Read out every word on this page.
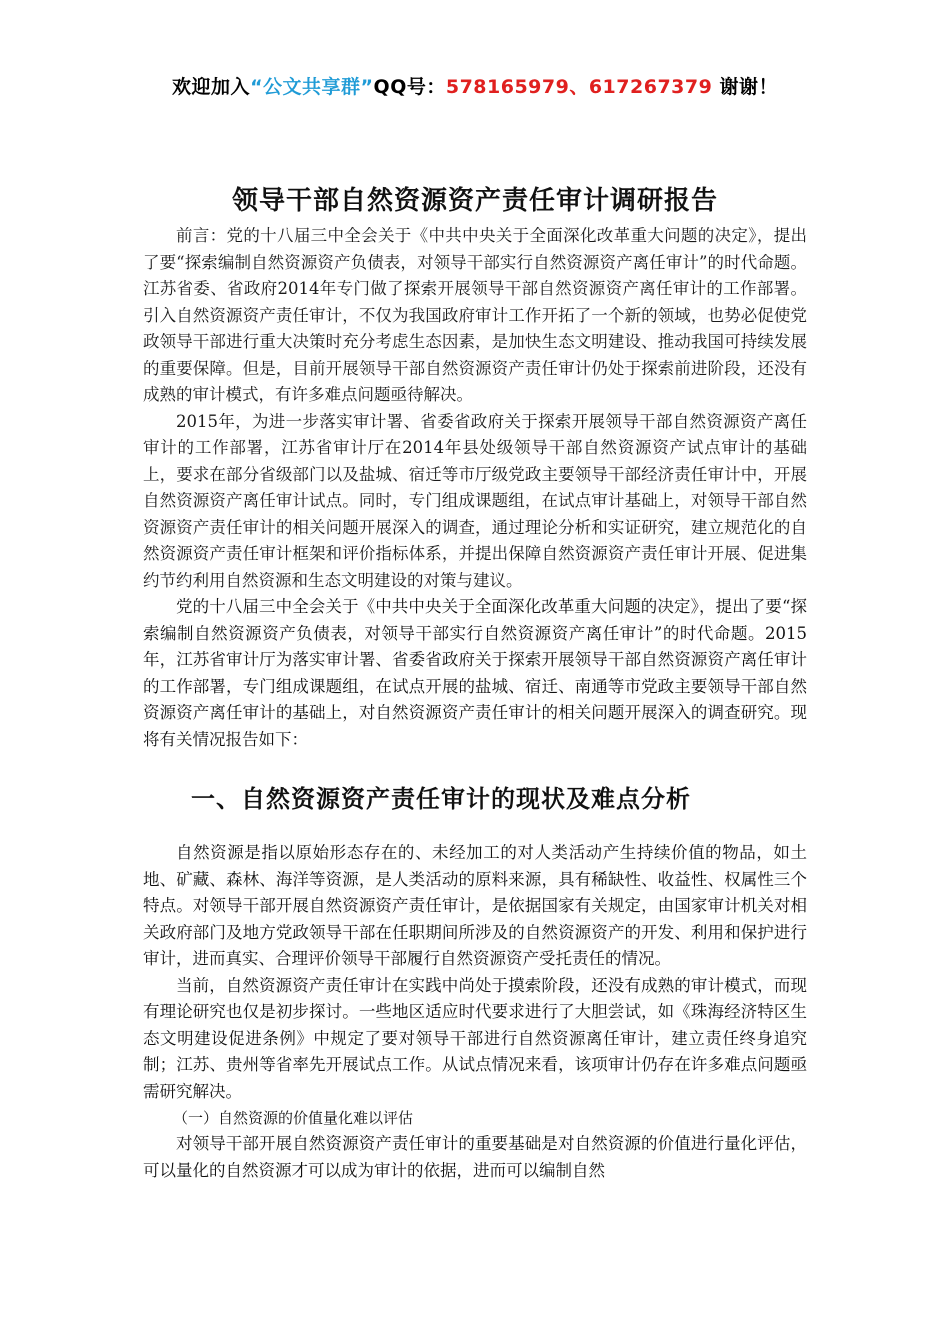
欢迎加入“公文共享群”QQ号：578165979、617267379 谢谢！
领导干部自然资源资产责任审计调研报告

前言：党的十八届三中全会关于《中共中央关于全面深化改革重大问题的决定》，提出了要“探索编制自然资源资产负债表，对领导干部实行自然资源资产离任审计”的时代命题。江苏省委、省政府2014年专门做了探索开展领导干部自然资源资产离任审计的工作部署。引入自然资源资产责任审计，不仅为我国政府审计工作开拓了一个新的领域，也势必促使党政领导干部进行重大决策时充分考虑生态因素，是加快生态文明建设、推动我国可持续发展的重要保障。但是，目前开展领导干部自然资源资产责任审计仍处于探索前进阶段，还没有成熟的审计模式，有许多难点问题亟待解决。

2015年，为进一步落实审计署、省委省政府关于探索开展领导干部自然资源资产离任审计的工作部署，江苏省审计厅在2014年县处级领导干部自然资源资产试点审计的基础上，要求在部分省级部门以及盐城、宿迁等市厅级党政主要领导干部经济责任审计中，开展自然资源资产离任审计试点。同时，专门组成课题组，在试点审计基础上，对领导干部自然资源资产责任审计的相关问题开展深入的调查，通过理论分析和实证研究，建立规范化的自然资源资产责任审计框架和评价指标体系，并提出保障自然资源资产责任审计开展、促进集约节约利用自然资源和生态文明建设的对策与建议。

党的十八届三中全会关于《中共中央关于全面深化改革重大问题的决定》，提出了要“探索编制自然资源资产负债表，对领导干部实行自然资源资产离任审计”的时代命题。2015年，江苏省审计厅为落实审计署、省委省政府关于探索开展领导干部自然资源资产离任审计的工作部署，专门组成课题组，在试点开展的盐城、宿迁、南通等市党政主要领导干部自然资源资产离任审计的基础上，对自然资源资产责任审计的相关问题开展深入的调查研究。现将有关情况报告如下：

一、自然资源资产责任审计的现状及难点分析

自然资源是指以原始形态存在的、未经加工的对人类活动产生持续价值的物品，如土地、矿藏、森林、海洋等资源，是人类活动的原料来源，具有稀缺性、收益性、权属性三个特点。对领导干部开展自然资源资产责任审计，是依据国家有关规定，由国家审计机关对相关政府部门及地方党政领导干部在任职期间所涉及的自然资源资产的开发、利用和保护进行审计，进而真实、合理评价领导干部履行自然资源资产受托责任的情况。

当前，自然资源资产责任审计在实践中尚处于摸索阶段，还没有成熟的审计模式，而现有理论研究也仅是初步探讨。一些地区适应时代要求进行了大胆尝试，如《珠海经济特区生态文明建设促进条例》中规定了要对领导干部进行自然资源离任审计，建立责任终身追究制；江苏、贵州等省率先开展试点工作。从试点情况来看，该项审计仍存在许多难点问题亟需研究解决。

（一）自然资源的价值量化难以评估

对领导干部开展自然资源资产责任审计的重要基础是对自然资源的价值进行量化评估，可以量化的自然资源才可以成为审计的依据，进而可以编制自然
